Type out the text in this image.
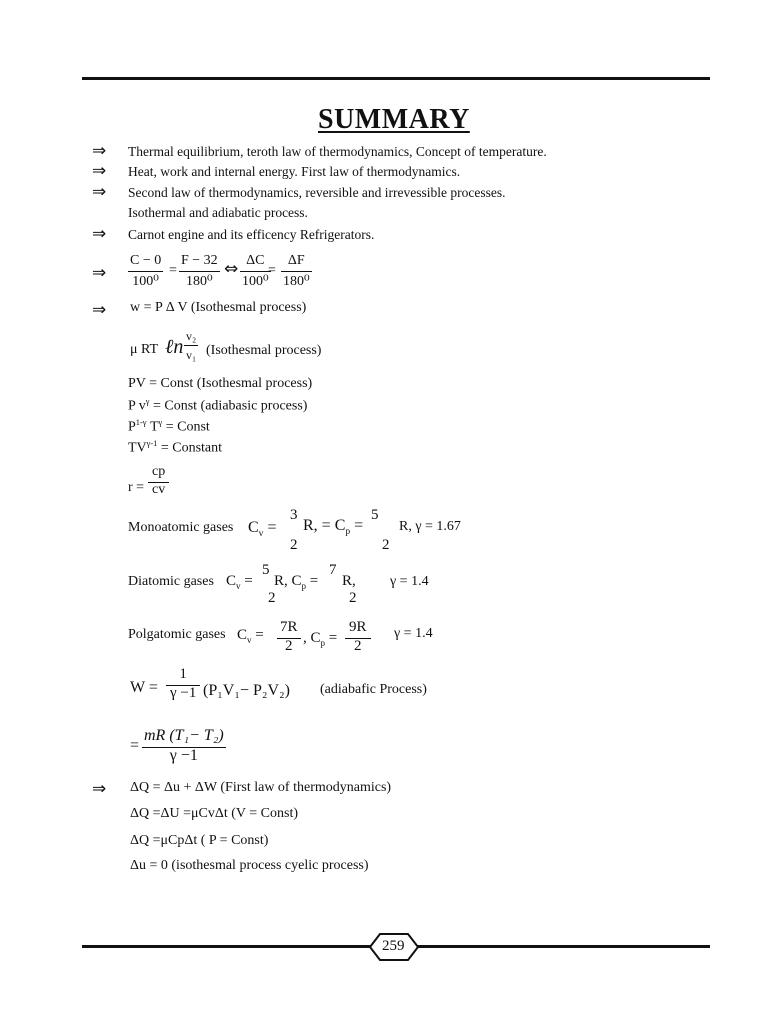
SUMMARY
⇒ Thermal equilibrium, teroth law of thermodynamics, Concept of temperature.
⇒ Heat, work and internal energy. First law of thermodynamics.
⇒ Second law of thermodynamics, reversible and irrevessible processes.
Isothermal and adiabatic process.
⇒ Carnot engine and its efficency Refrigerators.
⇒ $\frac{C - 0}{\text{100⁰}} = \frac{F - 32}{\text{180⁰}}$ ⇔ $\frac{\Delta C}{\text{100⁰}}$
= $\frac{\Delta F}{\text{180⁰}}$
⇒ w = P Δ V (Isothesmal process)
μ RT ℓn $\frac{\text{v₂}}{\text{v₁}}$ (Isothesmal process)
PV = Const (Isothesmal process)
P $v^\gamma$ = Const (adiabasic process)
$P^{1-\gamma}$ $T^\gamma$ = Const
$TV^{\gamma-1}$ = Constant
$r = \frac{cp}{cv}$
Monoatomic gases $C_v$ =
3
2
R, = $C_p$ =
5
2
R, γ = 1.67
Diatomic gases $C_v$ =
5
2
R, $C_p$ =
7
2
R, γ = 1.4
Polgatomic gases $C_v = \frac{7R}{2}$ , $C_p = \frac{9R}{2}$ γ = 1.4
$W = \frac{1}{\gamma -1} (P_1V_1- P_2V_2)$ (adiabafic Process)
= $\frac{\text{mR (T₁− T₂)}}{\gamma -1}$
⇒ ΔQ = Δu + ΔW (First law of thermodynamics)
ΔQ =ΔU =μCvΔt (V = Const)
ΔQ =μCpΔt ( P = Const)
Δu = 0 (isothesmal process cyelic process)
259
